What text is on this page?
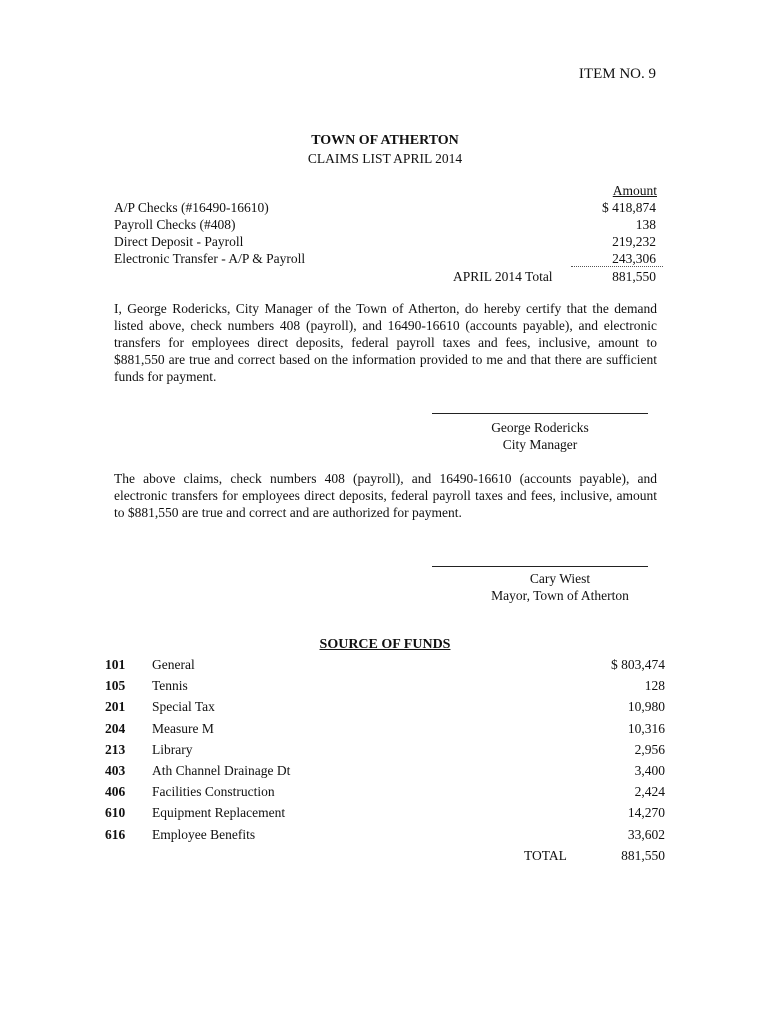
ITEM NO. 9
TOWN OF ATHERTON
CLAIMS LIST APRIL 2014
Amount
A/P Checks (#16490-16610)	$ 418,874
Payroll Checks (#408)	138
Direct Deposit - Payroll	219,232
Electronic Transfer - A/P & Payroll	243,306
APRIL 2014 Total	881,550
I, George Rodericks, City Manager of the Town of Atherton, do hereby certify that the demand listed above, check numbers 408 (payroll), and 16490-16610 (accounts payable), and electronic transfers for employees direct deposits, federal payroll taxes and fees, inclusive, amount to $881,550 are true and correct based on the information provided to me and that there are sufficient funds for payment.
George Rodericks
City Manager
The above claims, check numbers 408 (payroll), and 16490-16610 (accounts payable), and electronic transfers for employees direct deposits, federal payroll taxes and fees, inclusive, amount to $881,550 are true and correct and are authorized for payment.
Cary Wiest
Mayor, Town of Atherton
SOURCE OF FUNDS
101 General	$ 803,474
105 Tennis	128
201 Special Tax	10,980
204 Measure M	10,316
213 Library	2,956
403 Ath Channel Drainage Dt	3,400
406 Facilities Construction	2,424
610 Equipment Replacement	14,270
616 Employee Benefits	33,602
TOTAL	881,550
